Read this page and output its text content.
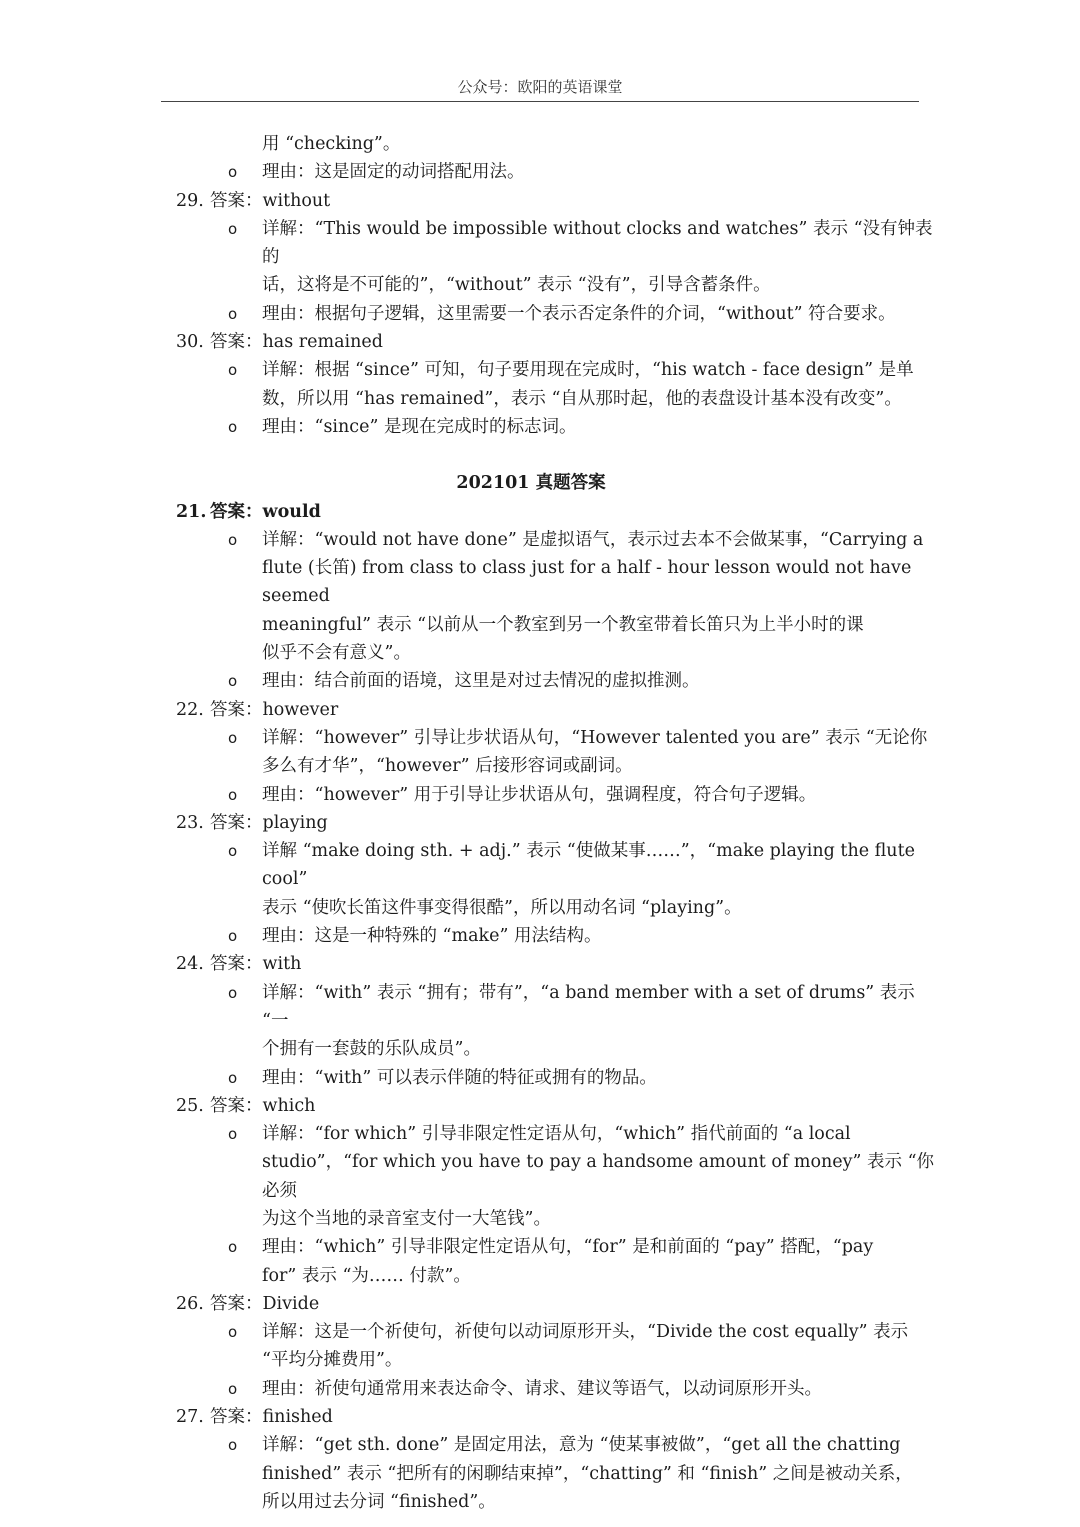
公众号：欧阳的英语课堂
用 “checking”。
o 理由：这是固定的动词搭配用法。
29. 答案：without
o 详解：“This would be impossible without clocks and watches” 表示 “没有钟表的
话，这将是不可能的”，“without” 表示 “没有”，引导含蓄条件。
o 理由：根据句子逻辑，这里需要一个表示否定条件的介词，“without” 符合要求。
30. 答案：has remained
o 详解：根据 “since” 可知，句子要用现在完成时，“his watch - face design” 是单
数，所以用 “has remained”，表示 “自从那时起，他的表盘设计基本没有改变”。
o 理由：“since” 是现在完成时的标志词。
202101 真题答案
21. 答案：would
o 详解：“would not have done” 是虚拟语气，表示过去本不会做某事，“Carrying a
flute (长笛) from class to class just for a half - hour lesson would not have seemed
meaningful” 表示 “以前从一个教室到另一个教室带着长笛只为上半小时的课
似乎不会有意义”。
o 理由：结合前面的语境，这里是对过去情况的虚拟推测。
22. 答案：however
o 详解：“however” 引导让步状语从句，“However talented you are” 表示 “无论你
多么有才华”，“however” 后接形容词或副词。
o 理由：“however” 用于引导让步状语从句，强调程度，符合句子逻辑。
23. 答案：playing
o 详解 “make doing sth. + adj.” 表示 “使做某事……”，“make playing the flute cool”
表示 “使吹长笛这件事变得很酷”，所以用动名词 “playing”。
o 理由：这是一种特殊的 “make” 用法结构。
24. 答案：with
o 详解：“with” 表示 “拥有；带有”，“a band member with a set of drums” 表示 “一
个拥有一套鼓的乐队成员”。
o 理由：“with” 可以表示伴随的特征或拥有的物品。
25. 答案：which
o 详解：“for which” 引导非限定性定语从句，“which” 指代前面的 “a local
studio”，“for which you have to pay a handsome amount of money” 表示 “你必须
为这个当地的录音室支付一大笔钱”。
o 理由：“which” 引导非限定性定语从句，“for” 是和前面的 “pay” 搭配，“pay
for” 表示 “为…… 付款”。
26. 答案：Divide
o 详解：这是一个祈使句，祈使句以动词原形开头，“Divide the cost equally” 表示
“平均分摊费用”。
o 理由：祈使句通常用来表达命令、请求、建议等语气，以动词原形开头。
27. 答案：finished
o 详解：“get sth. done” 是固定用法，意为 “使某事被做”，“get all the chatting
finished” 表示 “把所有的闲聊结束掉”，“chatting” 和 “finish” 之间是被动关系，
所以用过去分词 “finished”。
